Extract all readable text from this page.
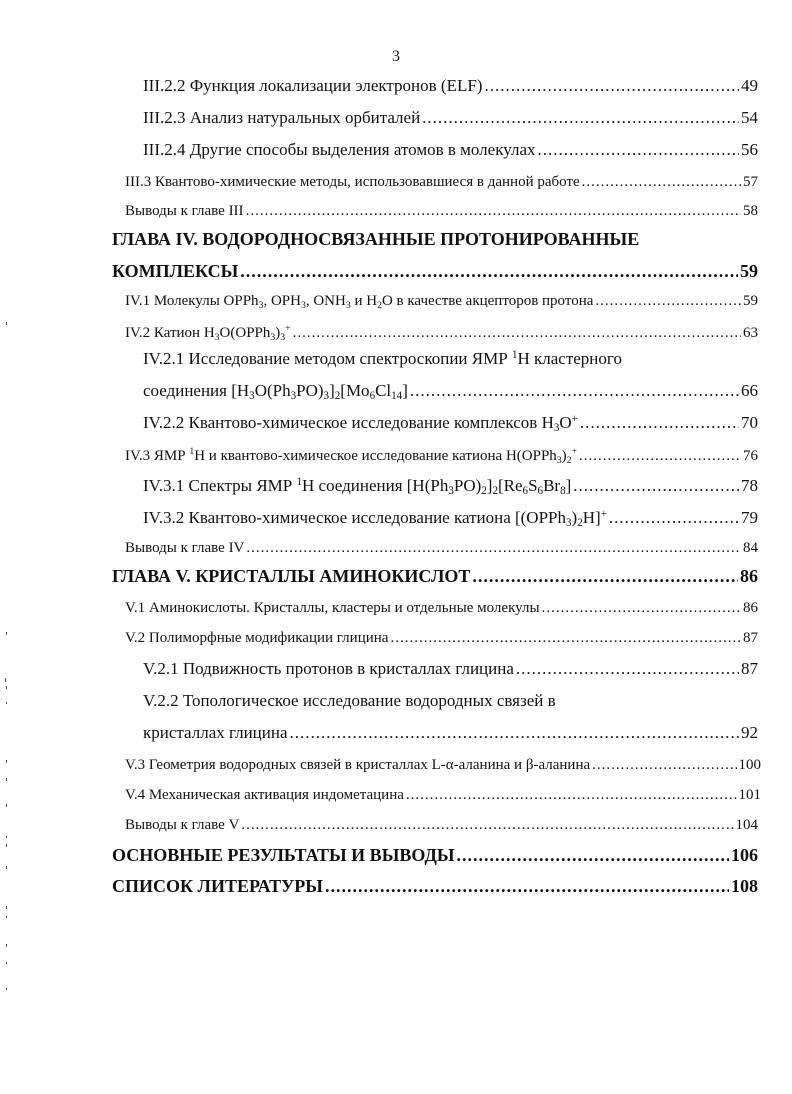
3
III.2.2 Функция локализации электронов (ELF) .....	49
III.2.3 Анализ натуральных орбиталей .....	54
III.2.4 Другие способы выделения атомов в молекулах .....	56
III.3 Квантово-химические методы, использовавшиеся в данной работе .....	57
Выводы к главе III .....	58
ГЛАВА IV. ВОДОРОДНОСВЯЗАННЫЕ ПРОТОНИРОВАННЫЕ
КОМПЛЕКСЫ .....	59
IV.1 Молекулы OPPh$_3$, $OPH_3$, $ONH_3$ и $H_2O$ в качестве акцепторов протона .....	59
IV.2 Катион $H_3O(OPPh_3)_3^+$ .....	63
IV.2.1 Исследование методом спектроскопии ЯМР $^1$H кластерного
соединения $[H_3O(Ph_3PO)_3]_2[Mo_6Cl_{14}]$ .....	66
IV.2.2 Квантово-химическое исследование комплексов $H_3O^+$ .....	70
IV.3 ЯМР $^1$H и квантово-химическое исследование катиона $H(OPPh_3)_2^+$ .....	76
IV.3.1 Спектры ЯМР $^1$H соединения $[H(Ph_3PO)_2]_2[Re_6S_6Br_8]$ .....	78
IV.3.2 Квантово-химическое исследование катиона $[(OPPh_3)_2H]^+$ .....	79
Выводы к главе IV .....	84
ГЛАВА V. КРИСТАЛЛЫ АМИНОКИСЛОТ .....	86
V.1 Аминокислоты. Кристаллы, кластеры и отдельные молекулы .....	86
V.2 Полиморфные модификации глицина .....	87
V.2.1 Подвижность протонов в кристаллах глицина .....	87
V.2.2 Топологическое исследование водородных связей в
кристаллах глицина .....	92
V.3 Геометрия водородных связей в кристаллах L-α-аланина и β-аланина .....	100
V.4 Механическая активация индометацина .....	101
Выводы к главе V .....	104
ОСНОВНЫЕ РЕЗУЛЬТАТЫ И ВЫВОДЫ .....	106
СПИСОК ЛИТЕРАТУРЫ .....	108
